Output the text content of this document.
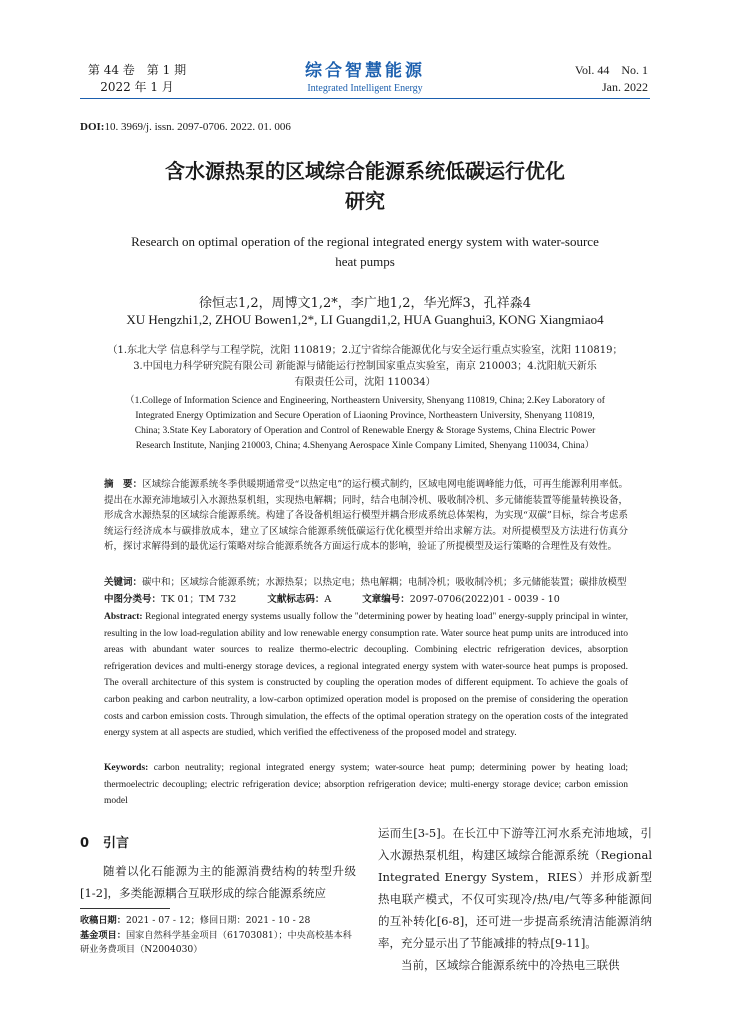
第 44 卷　第 1 期
2022 年 1 月
综合智慧能源
Integrated Intelligent Energy
Vol. 44　No. 1
Jan. 2022
DOI:10. 3969/j. issn. 2097-0706. 2022. 01. 006
含水源热泵的区域综合能源系统低碳运行优化
研究
Research on optimal operation of the regional integrated energy system with water-source
heat pumps
徐恒志1,2，周博文1,2*，李广地1,2，华光辉3，孔祥淼4
XU Hengzhi1,2, ZHOU Bowen1,2*, LI Guangdi1,2, HUA Guanghui3, KONG Xiangmiao4
（1.东北大学 信息科学与工程学院，沈阳 110819；2.辽宁省综合能源优化与安全运行重点实验室，沈阳 110819；
3.中国电力科学研究院有限公司 新能源与储能运行控制国家重点实验室，南京 210003；4.沈阳航天新乐
有限责任公司，沈阳 110034）
（1.College of Information Science and Engineering, Northeastern University, Shenyang 110819, China; 2.Key Laboratory of
Integrated Energy Optimization and Secure Operation of Liaoning Province, Northeastern University, Shenyang 110819,
China; 3.State Key Laboratory of Operation and Control of Renewable Energy & Storage Systems, China Electric Power
Research Institute, Nanjing 210003, China; 4.Shenyang Aerospace Xinle Company Limited, Shenyang 110034, China）
摘　要：区域综合能源系统冬季供暖期通常受“以热定电”的运行模式制约，区域电网电能调峰能力低，可再生能源利用率低。提出在水源充沛地域引入水源热泵机组，实现热电解耦；同时，结合电制冷机、吸收制冷机、多元储能装置等能量转换设备，形成含水源热泵的区域综合能源系统。构建了各设备机组运行模型并耦合形成系统总体架构，为实现“双碳”目标，综合考虑系统运行经济成本与碳排放成本，建立了区域综合能源系统低碳运行优化模型并给出求解方法。对所提模型及方法进行仿真分析，探讨求解得到的最优运行策略对综合能源系统各方面运行成本的影响，验证了所提模型及运行策略的合理性及有效性。
关键词：碳中和；区域综合能源系统；水源热泵；以热定电；热电解耦；电制冷机；吸收制冷机；多元储能装置；碳排放模型
中图分类号：TK 01；TM 732	文献标志码：A	文章编号：2097-0706(2022)01 - 0039 - 10
Abstract: Regional integrated energy systems usually follow the "determining power by heating load" energy-supply principal in winter, resulting in the low load-regulation ability and low renewable energy consumption rate. Water source heat pump units are introduced into areas with abundant water sources to realize thermo-electric decoupling. Combining electric refrigeration devices, absorption refrigeration devices and multi-energy storage devices, a regional integrated energy system with water-source heat pumps is proposed. The overall architecture of this system is constructed by coupling the operation modes of different equipment. To achieve the goals of carbon peaking and carbon neutrality, a low-carbon optimized operation model is proposed on the premise of considering the operation costs and carbon emission costs. Through simulation, the effects of the optimal operation strategy on the operation costs of the integrated energy system at all aspects are studied, which verified the effectiveness of the proposed model and strategy.
Keywords: carbon neutrality; regional integrated energy system; water-source heat pump; determining power by heating load; thermoelectric decoupling; electric refrigeration device; absorption refrigeration device; multi-energy storage device; carbon emission model
0 引言
随着以化石能源为主的能源消费结构的转型升级[1-2]，多类能源耦合互联形成的综合能源系统应
收稿日期：2021 - 07 - 12；修回日期：2021 - 10 - 28
基金项目：国家自然科学基金项目（61703081）；中央高校基本科研业务费项目（N2004030）

运而生[3-5]。在长江中下游等江河水系充沛地域，引入水源热泵机组，构建区域综合能源系统（Regional Integrated Energy System，RIES）并形成新型热电联产模式，不仅可实现冷/热/电/气等多种能源间的互补转化[6-8]，还可进一步提高系统清洁能源消纳率，充分显示出了节能减排的特点[9-11]。

当前，区域综合能源系统中的冷热电三联供
